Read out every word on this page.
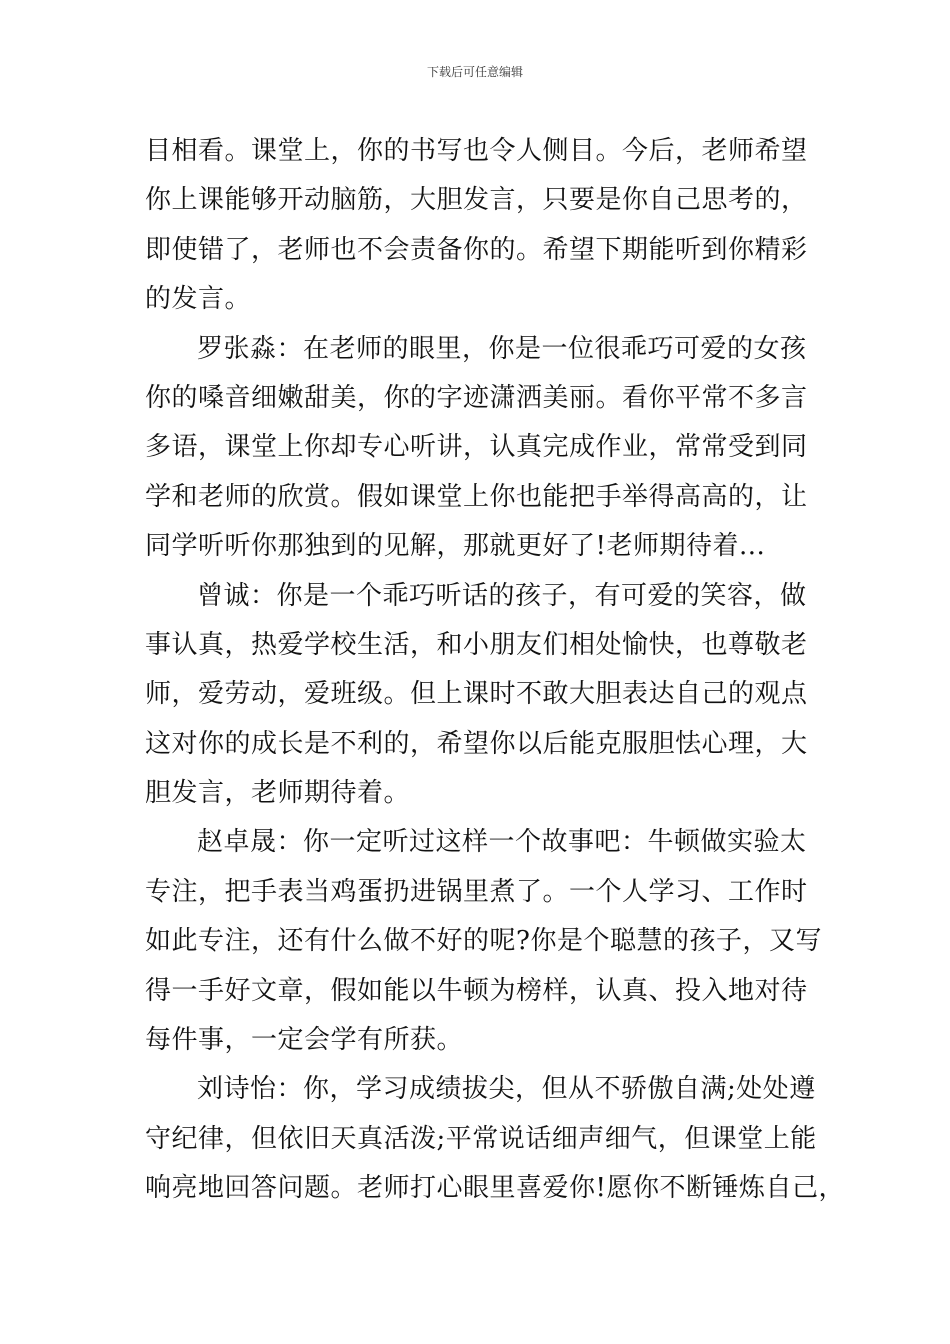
下载后可任意编辑
目相看。课堂上，你的书写也令人侧目。今后，老师希望
你上课能够开动脑筋，大胆发言，只要是你自己思考的，
即使错了，老师也不会责备你的。希望下期能听到你精彩
的发言。
罗张淼：在老师的眼里，你是一位很乖巧可爱的女孩
你的嗓音细嫩甜美，你的字迹潇洒美丽。看你平常不多言
多语，课堂上你却专心听讲，认真完成作业，常常受到同
学和老师的欣赏。假如课堂上你也能把手举得高高的，让
同学听听你那独到的见解，那就更好了!老师期待着...
曾诚：你是一个乖巧听话的孩子，有可爱的笑容，做
事认真，热爱学校生活，和小朋友们相处愉快，也尊敬老
师，爱劳动，爱班级。但上课时不敢大胆表达自己的观点
这对你的成长是不利的，希望你以后能克服胆怯心理，大
胆发言，老师期待着。
赵卓晟：你一定听过这样一个故事吧：牛顿做实验太
专注，把手表当鸡蛋扔进锅里煮了。一个人学习、工作时
如此专注，还有什么做不好的呢?你是个聪慧的孩子，又写
得一手好文章，假如能以牛顿为榜样，认真、投入地对待
每件事，一定会学有所获。
刘诗怡：你，学习成绩拔尖，但从不骄傲自满;处处遵
守纪律，但依旧天真活泼;平常说话细声细气，但课堂上能
响亮地回答问题。老师打心眼里喜爱你!愿你不断锤炼自己，
